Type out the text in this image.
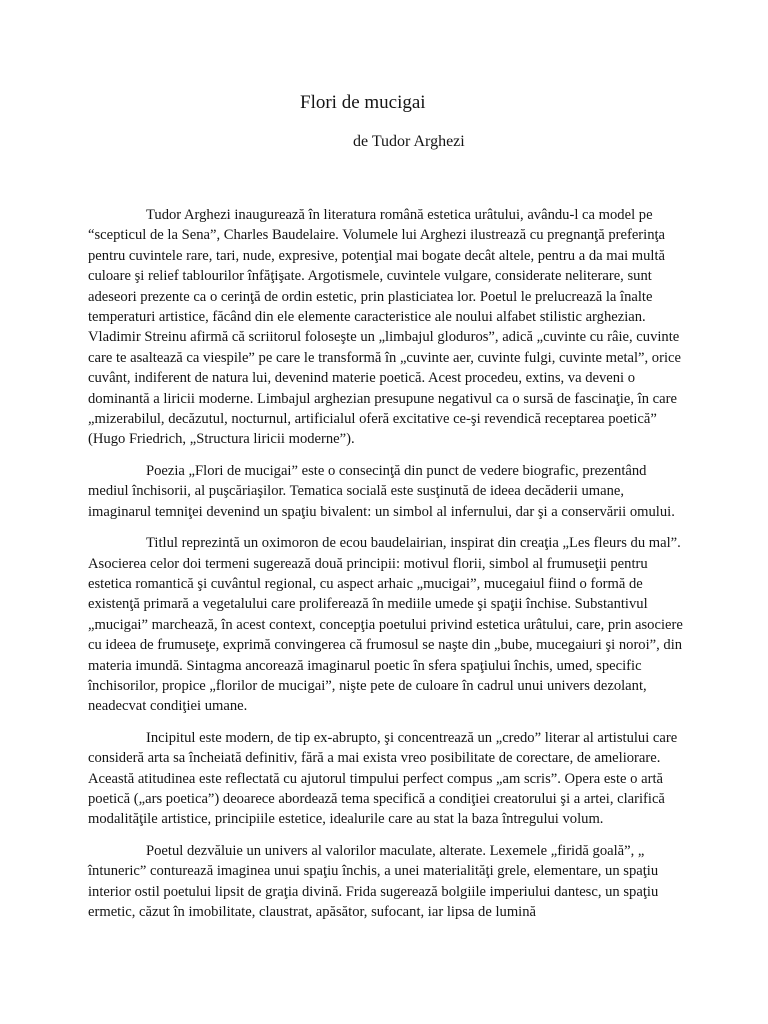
Flori de mucigai
de Tudor Arghezi

Tudor Arghezi inaugurează în literatura română estetica urâtului, avându-l ca model pe “scepticul de la Sena”, Charles Baudelaire. Volumele lui Arghezi ilustrează cu pregnanţă preferinţa pentru cuvintele rare, tari, nude, expresive, potenţial mai bogate decât altele, pentru a da mai multă culoare şi relief tablourilor înfăţişate. Argotismele, cuvintele vulgare, considerate neliterare, sunt adeseori prezente ca o cerinţă de ordin estetic, prin plasticiatea lor. Poetul le prelucrează la înalte temperaturi artistice, făcând din ele elemente caracteristice ale noului alfabet stilistic arghezian. Vladimir Streinu afirmă că scriitorul foloseşte un „limbajul gloduros”, adică „cuvinte cu râie, cuvinte care te asaltează ca viespile” pe care le transformă în „cuvinte aer, cuvinte fulgi, cuvinte metal”, orice cuvânt, indiferent de natura lui, devenind materie poetică. Acest procedeu, extins, va deveni o dominantă a liricii moderne. Limbajul arghezian presupune negativul ca o sursă de fascinaţie, în care „mizerabilul, decăzutul, nocturnul, artificialul oferă excitative ce-şi revendică receptarea poetică” (Hugo Friedrich, „Structura liricii moderne”).

Poezia „Flori de mucigai” este o consecinţă din punct de vedere biografic, prezentând mediul închisorii, al puşcăriaşilor. Tematica socială este susţinută de ideea decăderii umane, imaginarul temniţei devenind un spaţiu bivalent: un simbol al infernului, dar şi a conservării omului.

Titlul reprezintă un oximoron de ecou baudelairian, inspirat din creaţia „Les fleurs du mal”. Asocierea celor doi termeni sugerează două principii: motivul florii, simbol al frumuseţii pentru estetica romantică şi cuvântul regional, cu aspect arhaic „mucigai”, mucegaiul fiind o formă de existenţă primară a vegetalului care proliferează în mediile umede şi spaţii închise. Substantivul „mucigai” marchează, în acest context, concepţia poetului privind estetica urâtului, care, prin asociere cu ideea de frumuseţe, exprimă convingerea că frumosul se naşte din „bube, mucegaiuri şi noroi”, din materia imundă. Sintagma ancorează imaginarul poetic în sfera spaţiului închis, umed, specific închisorilor, propice „florilor de mucigai”, nişte pete de culoare în cadrul unui univers dezolant, neadecvat condiţiei umane.

Incipitul este modern, de tip ex-abrupto, şi concentrează un „credo” literar al artistului care consideră arta sa încheiată definitiv, fără a mai exista vreo posibilitate de corectare, de ameliorare. Această atitudinea este reflectată cu ajutorul timpului perfect compus „am scris”. Opera este o artă poetică („ars poetica”) deoarece abordează tema specifică a condiţiei creatorului şi a artei, clarifică modalităţile artistice, principiile estetice, idealurile care au stat la baza întregului volum.

Poetul dezvăluie un univers al valorilor maculate, alterate. Lexemele „firidă goală”, „ întuneric” conturează imaginea unui spaţiu închis, a unei materialităţi grele, elementare, un spaţiu interior ostil poetului lipsit de graţia divină. Frida sugerează bolgiile imperiului dantesc, un spaţiu ermetic, căzut în imobilitate, claustrat, apăsător, sufocant, iar lipsa de lumină
